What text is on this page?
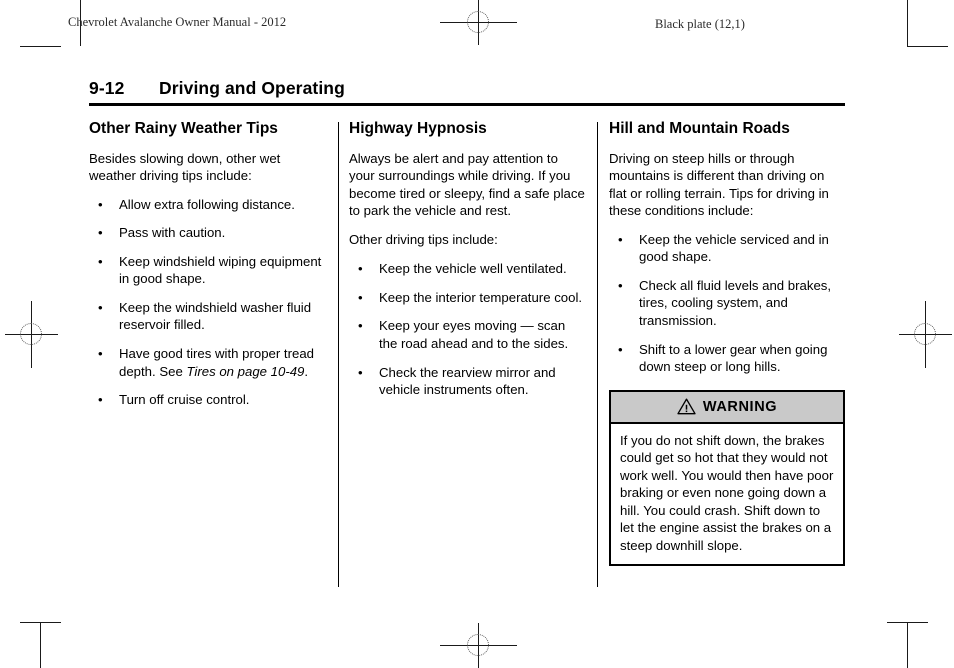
Chevrolet Avalanche Owner Manual - 2012	Black plate (12,1)
9-12	Driving and Operating
Other Rainy Weather Tips

Besides slowing down, other wet weather driving tips include:

• Allow extra following distance.
• Pass with caution.
• Keep windshield wiping equipment in good shape.
• Keep the windshield washer fluid reservoir filled.
• Have good tires with proper tread depth. See Tires on page 10-49.
• Turn off cruise control.
Highway Hypnosis

Always be alert and pay attention to your surroundings while driving. If you become tired or sleepy, find a safe place to park the vehicle and rest.

Other driving tips include:

• Keep the vehicle well ventilated.
• Keep the interior temperature cool.
• Keep your eyes moving — scan the road ahead and to the sides.
• Check the rearview mirror and vehicle instruments often.
Hill and Mountain Roads

Driving on steep hills or through mountains is different than driving on flat or rolling terrain. Tips for driving in these conditions include:

• Keep the vehicle serviced and in good shape.
• Check all fluid levels and brakes, tires, cooling system, and transmission.
• Shift to a lower gear when going down steep or long hills.
WARNING
If you do not shift down, the brakes could get so hot that they would not work well. You would then have poor braking or even none going down a hill. You could crash. Shift down to let the engine assist the brakes on a steep downhill slope.
